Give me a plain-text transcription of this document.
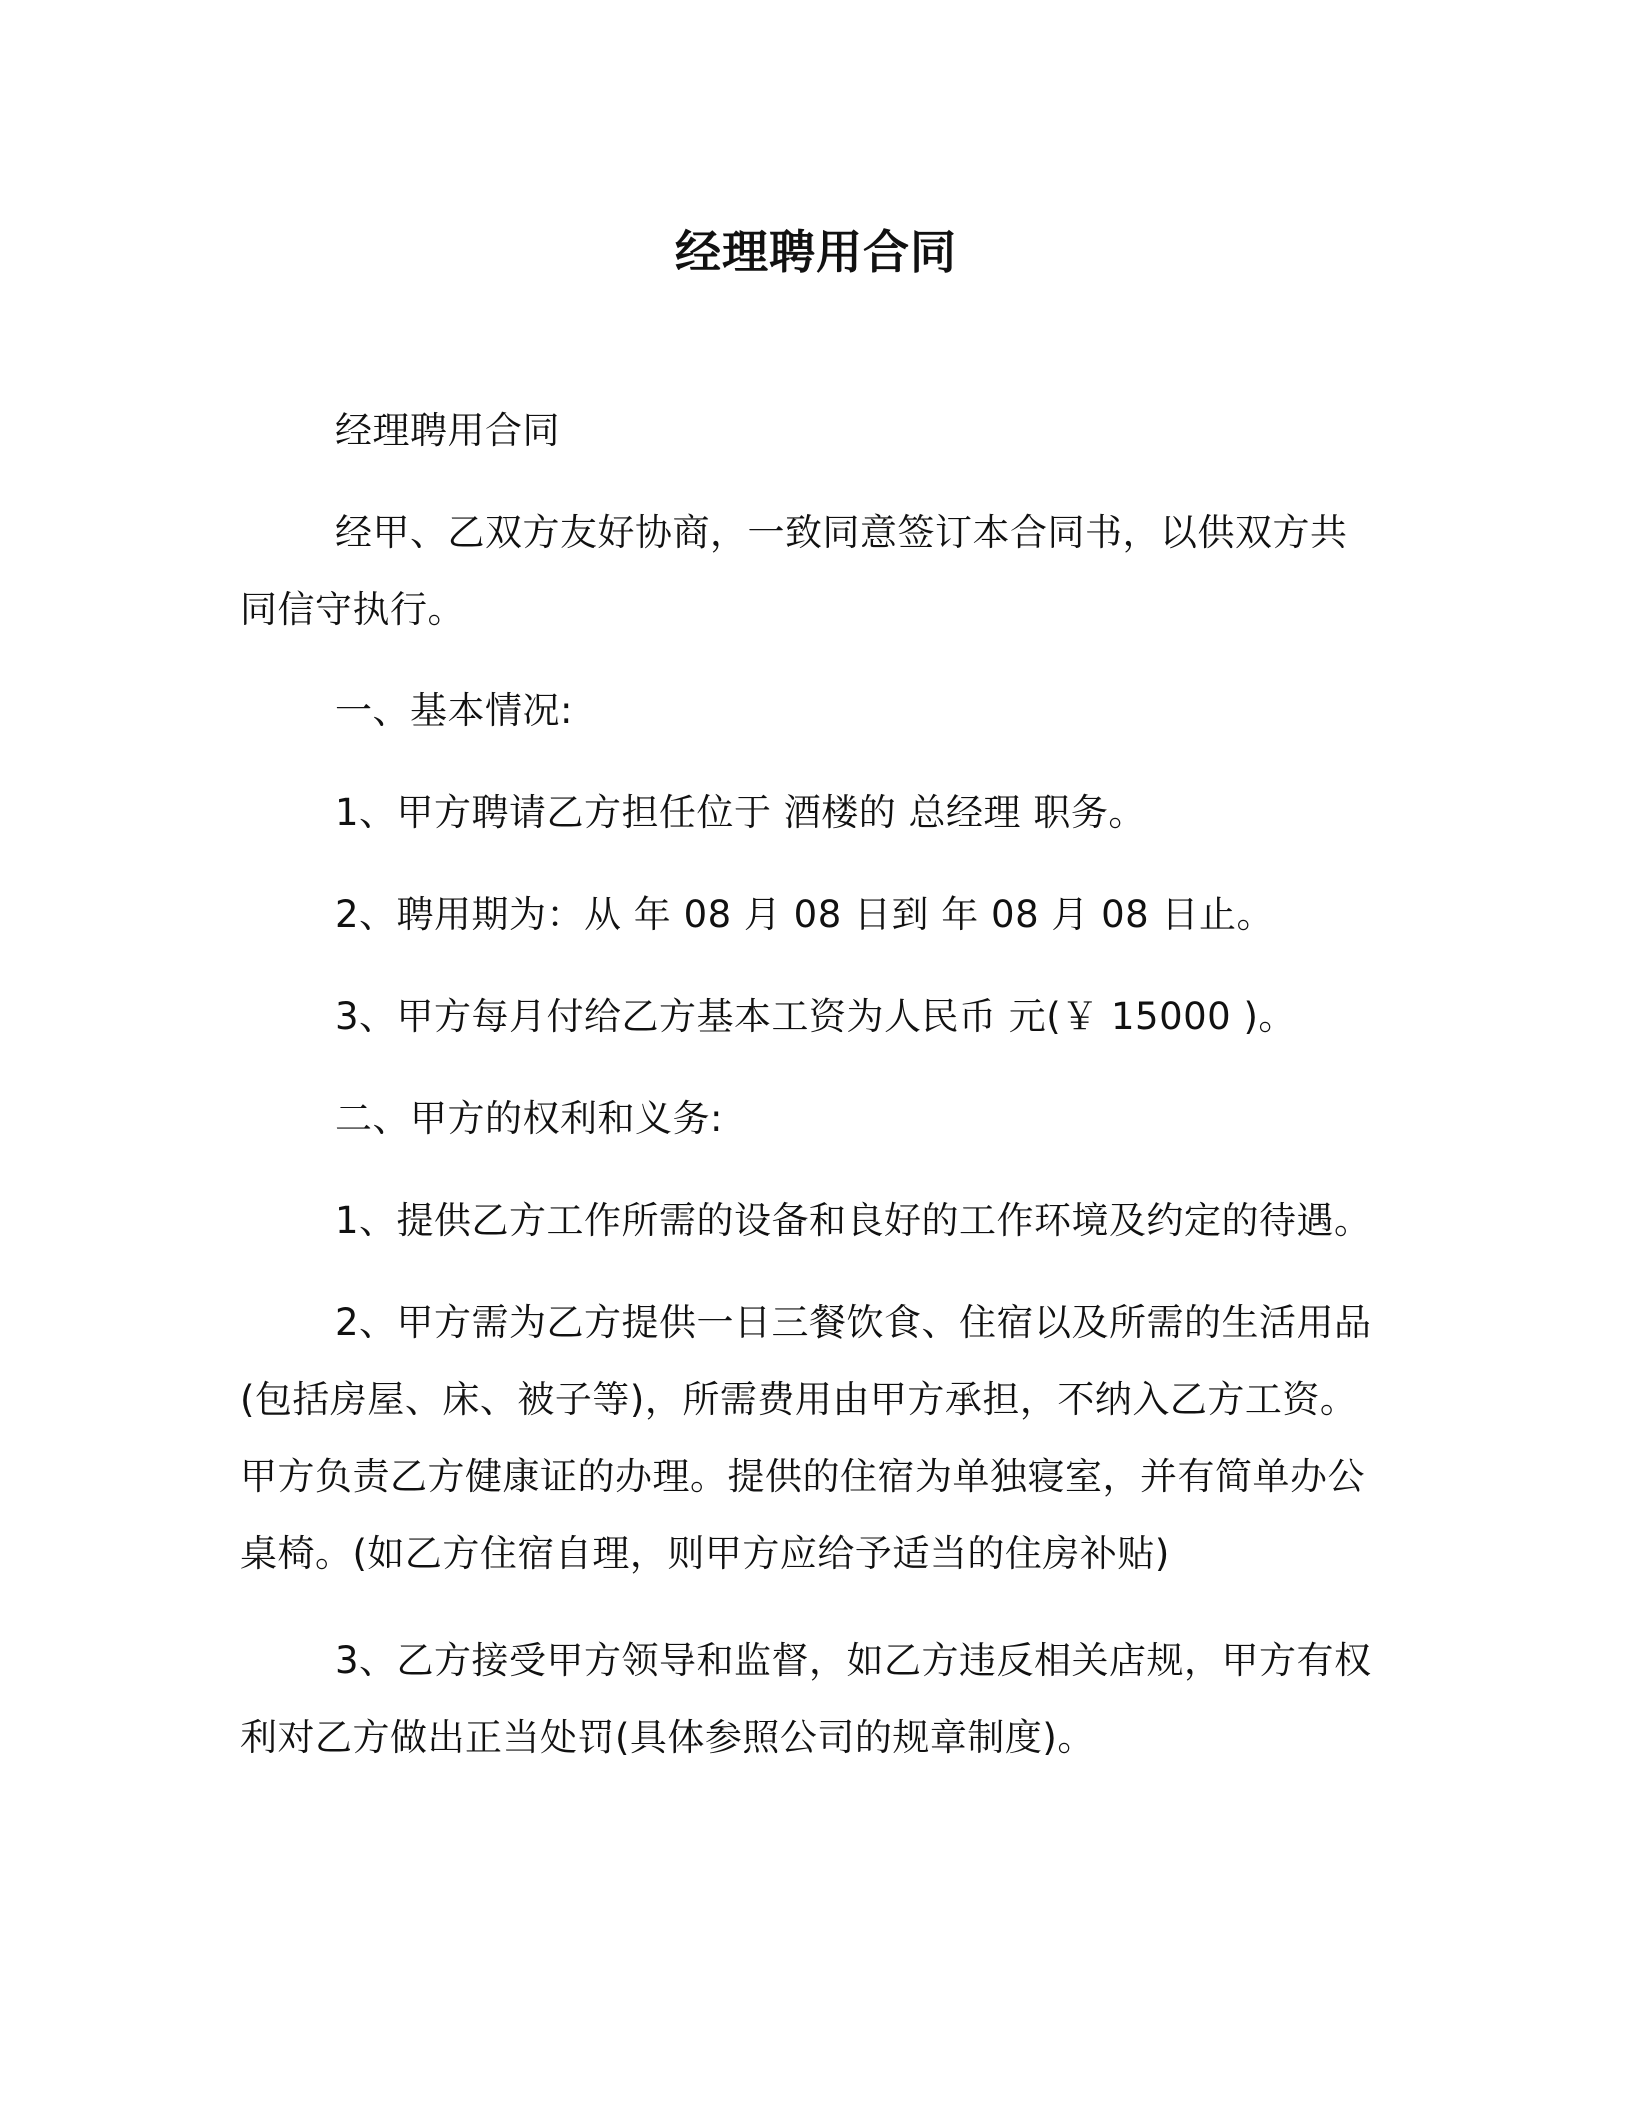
经理聘用合同

经理聘用合同

经甲、乙双方友好协商，一致同意签订本合同书，以供双方共同信守执行。

一、基本情况:

1、甲方聘请乙方担任位于 酒楼的 总经理 职务。

2、聘用期为：从 年 08 月 08 日到 年 08 月 08 日止。

3、甲方每月付给乙方基本工资为人民币 元(￥ 15000 )。

二、甲方的权利和义务:

1、提供乙方工作所需的设备和良好的工作环境及约定的待遇。

2、甲方需为乙方提供一日三餐饮食、住宿以及所需的生活用品(包括房屋、床、被子等)，所需费用由甲方承担，不纳入乙方工资。甲方负责乙方健康证的办理。提供的住宿为单独寝室，并有简单办公桌椅。(如乙方住宿自理，则甲方应给予适当的住房补贴)

3、乙方接受甲方领导和监督，如乙方违反相关店规，甲方有权利对乙方做出正当处罚(具体参照公司的规章制度)。
